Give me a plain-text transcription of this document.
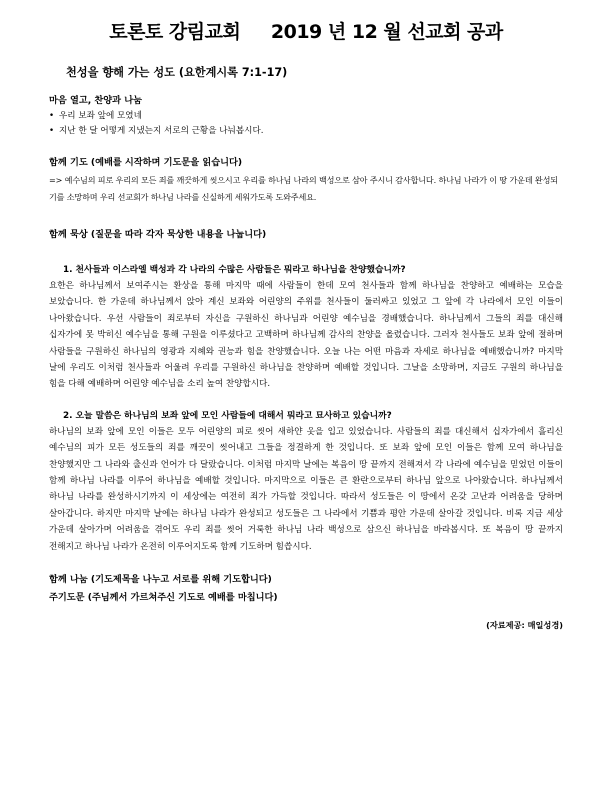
토론토 강림교회     2019 년 12 월 선교회 공과
천성을 향해 가는 성도 (요한계시록 7:1-17)
마음 열고, 찬양과 나눔
• 우리 보좌 앞에 모였네
• 지난 한 달 어떻게 지냈는지 서로의 근황을 나눠봅시다.
함께 기도 (예배를 시작하며 기도문을 읽습니다)

=> 예수님의 피로 우리의 모든 죄를 깨끗하게 씻으시고 우리를 하나님 나라의 백성으로 삼아 주시니 감사합니다. 하나님 나라가 이 땅 가운데 완성되기를 소망하며 우리 선교회가 하나님 나라를 신실하게 세워가도록 도와주세요.

함께 묵상 (질문을 따라 각자 묵상한 내용을 나눕니다)
1. 천사들과 이스라엘 백성과 각 나라의 수많은 사람들은 뭐라고 하나님을 찬양했습니까?

요한은 하나님께서 보여주시는 환상을 통해 마지막 때에 사람들이 한데 모여 천사들과 함께 하나님을 찬양하고 예배하는 모습을 보았습니다. 한 가운데 하나님께서 앉아 계신 보좌와 어린양의 주위를 천사들이 둘러싸고 있었고 그 앞에 각 나라에서 모인 이들이 나아왔습니다. 우선 사람들이 죄로부터 자신을 구원하신 하나님과 어린양 예수님을 경배했습니다. 하나님께서 그들의 죄를 대신해 십자가에 못 박히신 예수님을 통해 구원을 이루셨다고 고백하며 하나님께 감사의 찬양을 올렸습니다. 그러자 천사들도 보좌 앞에 절하며 사람들을 구원하신 하나님의 영광과 지혜와 권능과 힘을 찬양했습니다. 오늘 나는 어떤 마음과 자세로 하나님을 예배했습니까? 마지막 날에 우리도 이처럼 천사들과 어울려 우리를 구원하신 하나님을 찬양하며 예배할 것입니다. 그날을 소망하며, 지금도 구원의 하나님을 힘을 다해 예배하며 어린양 예수님을 소리 높여 찬양합시다.

2. 오늘 말씀은 하나님의 보좌 앞에 모인 사람들에 대해서 뭐라고 묘사하고 있습니까?

하나님의 보좌 앞에 모인 이들은 모두 어린양의 피로 씻어 새하얀 옷을 입고 있었습니다. 사람들의 죄를 대신해서 십자가에서 흘리신 예수님의 피가 모든 성도들의 죄를 깨끗이 씻어내고 그들을 정결하게 한 것입니다. 또 보좌 앞에 모인 이들은 함께 모여 하나님을 찬양했지만 그 나라와 출신과 언어가 다 달랐습니다. 이처럼 마지막 날에는 복음이 땅 끝까지 전해져서 각 나라에 예수님을 믿었던 이들이 함께 하나님 나라를 이루어 하나님을 예배할 것입니다. 마지막으로 이들은 큰 환란으로부터 하나님 앞으로 나아왔습니다. 하나님께서 하나님 나라를 완성하시기까지 이 세상에는 여전히 죄가 가득할 것입니다. 따라서 성도들은 이 땅에서 온갖 고난과 어려움을 당하며 살아갑니다. 하지만 마지막 날에는 하나님 나라가 완성되고 성도들은 그 나라에서 기쁨과 평안 가운데 살아갈 것입니다. 비록 지금 세상 가운데 살아가며 어려움을 겪어도 우리 죄를 씻어 거룩한 하나님 나라 백성으로 삼으신 하나님을 바라봅시다. 또 복음이 땅 끝까지 전해지고 하나님 나라가 온전히 이루어지도록 함께 기도하며 힘씁시다.

함께 나눔 (기도제목을 나누고 서로를 위해 기도합니다)
주기도문 (주님께서 가르쳐주신 기도로 예배를 마칩니다)
(자료제공: 매일성경)
